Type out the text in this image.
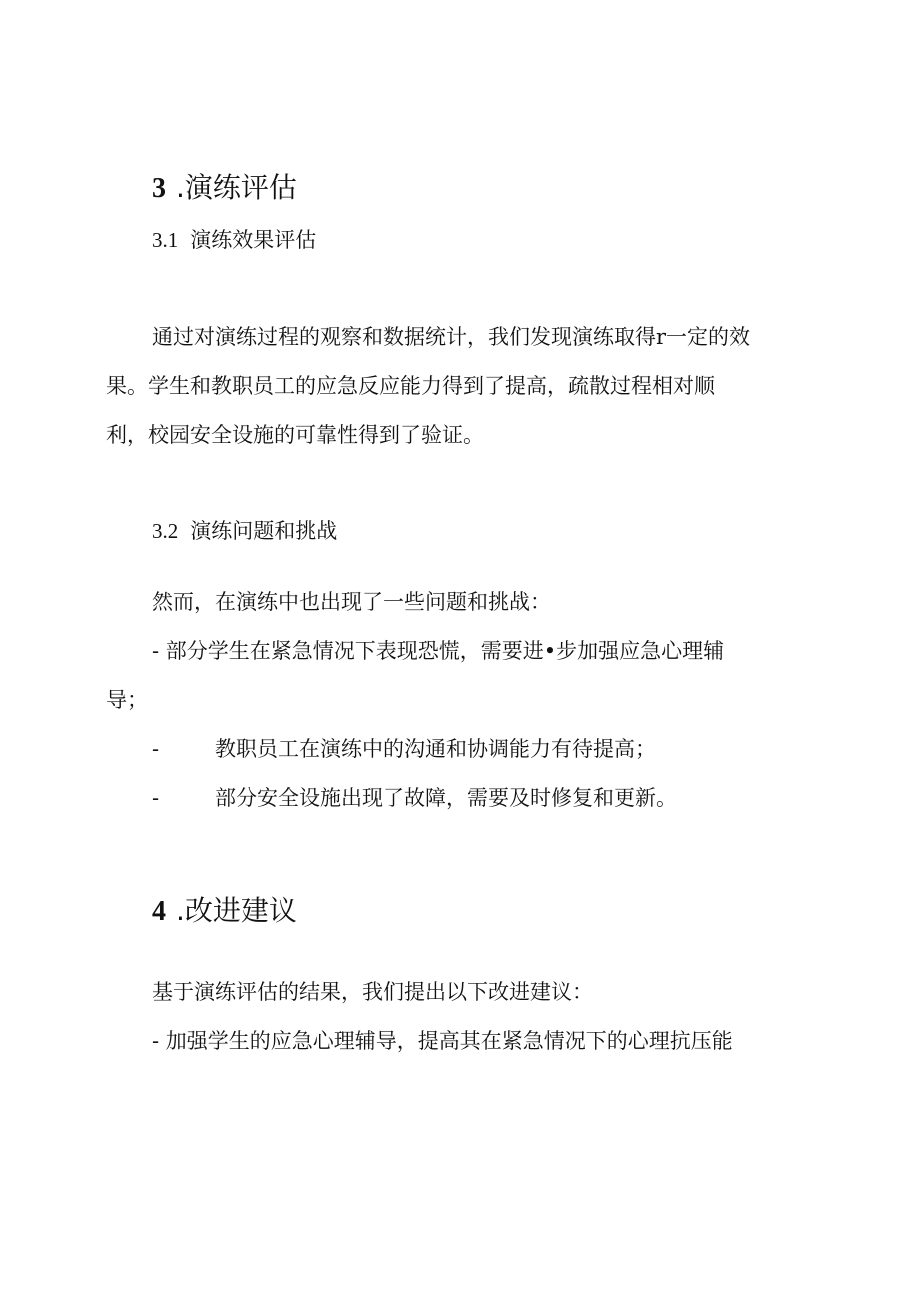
3 .演练评估
3.1 演练效果评估
通过对演练过程的观察和数据统计，我们发现演练取得r一定的效
果。学生和教职员工的应急反应能力得到了提高，疏散过程相对顺
利，校园安全设施的可靠性得到了验证。
3.2 演练问题和挑战
然而，在演练中也出现了一些问题和挑战：
- 部分学生在紧急情况下表现恐慌，需要进•步加强应急心理辅
导；
-	教职员工在演练中的沟通和协调能力有待提高；
-	部分安全设施出现了故障，需要及时修复和更新。
4 .改进建议
基于演练评估的结果，我们提出以下改进建议：
- 加强学生的应急心理辅导，提高其在紧急情况下的心理抗压能
